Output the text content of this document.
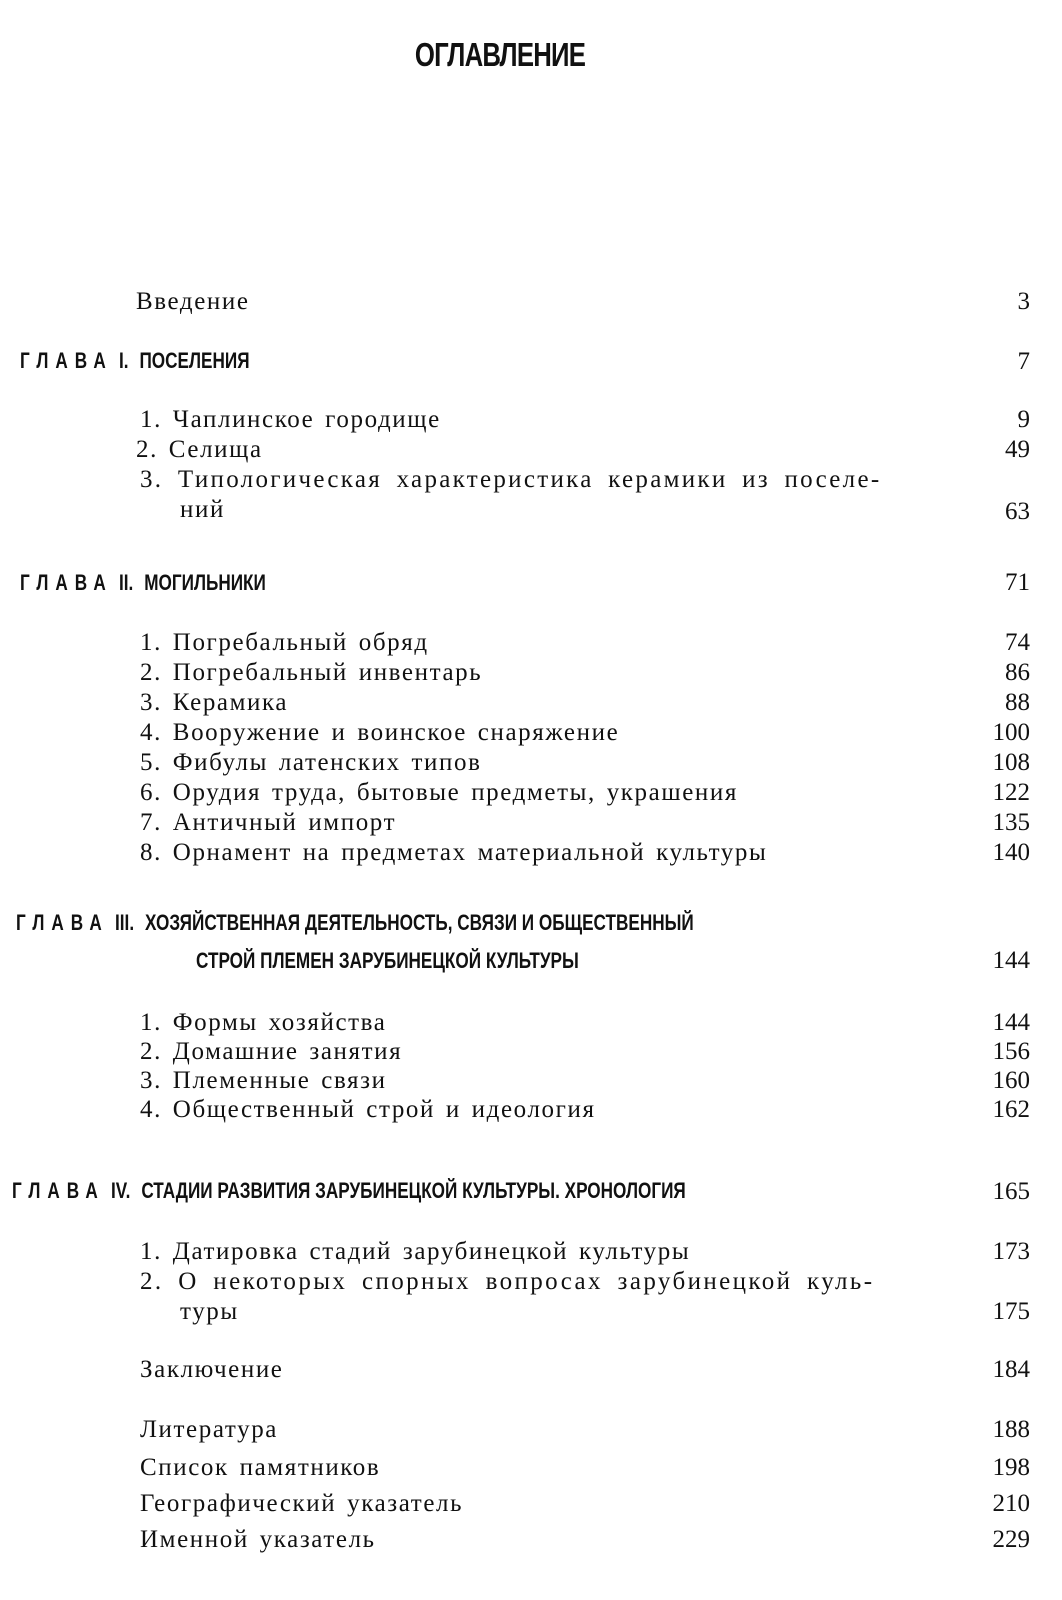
ОГЛАВЛЕНИЕ
Введение	3
ГЛАВА I. ПОСЕЛЕНИЯ	7
1. Чаплинское городище	9
2. Селища	49
3. Типологическая характеристика керамики из поселе-
ний	63
ГЛАВА II. МОГИЛЬНИКИ	71
1. Погребальный обряд	74
2. Погребальный инвентарь	86
3. Керамика	88
4. Вооружение и воинское снаряжение	100
5. Фибулы латенских типов	108
6. Орудия труда, бытовые предметы, украшения	122
7. Античный импорт	135
8. Орнамент на предметах материальной культуры	140
ГЛАВА III. ХОЗЯЙСТВЕННАЯ ДЕЯТЕЛЬНОСТЬ, СВЯЗИ И ОБЩЕСТВЕННЫЙ
СТРОЙ ПЛЕМЕН ЗАРУБИНЕЦКОЙ КУЛЬТУРЫ	144
1. Формы хозяйства	144
2. Домашние занятия	156
3. Племенные связи	160
4. Общественный строй и идеология	162
ГЛАВА IV. СТАДИИ РАЗВИТИЯ ЗАРУБИНЕЦКОЙ КУЛЬТУРЫ. ХРОНОЛОГИЯ	165
1. Датировка стадий зарубинецкой культуры	173
2. О некоторых спорных вопросах зарубинецкой куль-
туры	175
Заключение	184
Литература	188
Список памятников	198
Географический указатель	210
Именной указатель	229
